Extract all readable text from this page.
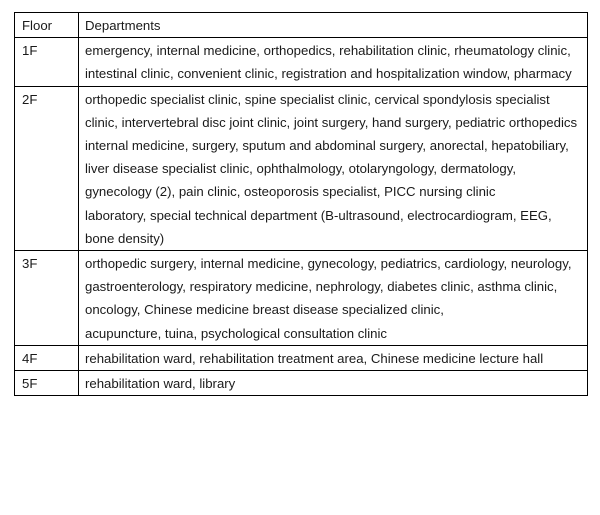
Floor	Departments
1F	emergency, internal medicine, orthopedics, rehabilitation clinic, rheumatology clinic, intestinal clinic, convenient clinic, registration and hospitalization window, pharmacy

2F	orthopedic specialist clinic, spine specialist clinic, cervical spondylosis specialist clinic, intervertebral disc joint clinic, joint surgery, hand surgery, pediatric orthopedics
internal medicine, surgery, sputum and abdominal surgery, anorectal, hepatobiliary, liver disease specialist clinic, ophthalmology, otolaryngology, dermatology, gynecology (2), pain clinic, osteoporosis specialist, PICC nursing clinic
laboratory, special technical department (B-ultrasound, electrocardiogram, EEG, bone density)

3F	orthopedic surgery, internal medicine, gynecology, pediatrics, cardiology, neurology, gastroenterology, respiratory medicine, nephrology, diabetes clinic, asthma clinic, oncology, Chinese medicine breast disease specialized clinic,
acupuncture, tuina, psychological consultation clinic

4F	rehabilitation ward, rehabilitation treatment area, Chinese medicine lecture hall

5F	rehabilitation ward, library
